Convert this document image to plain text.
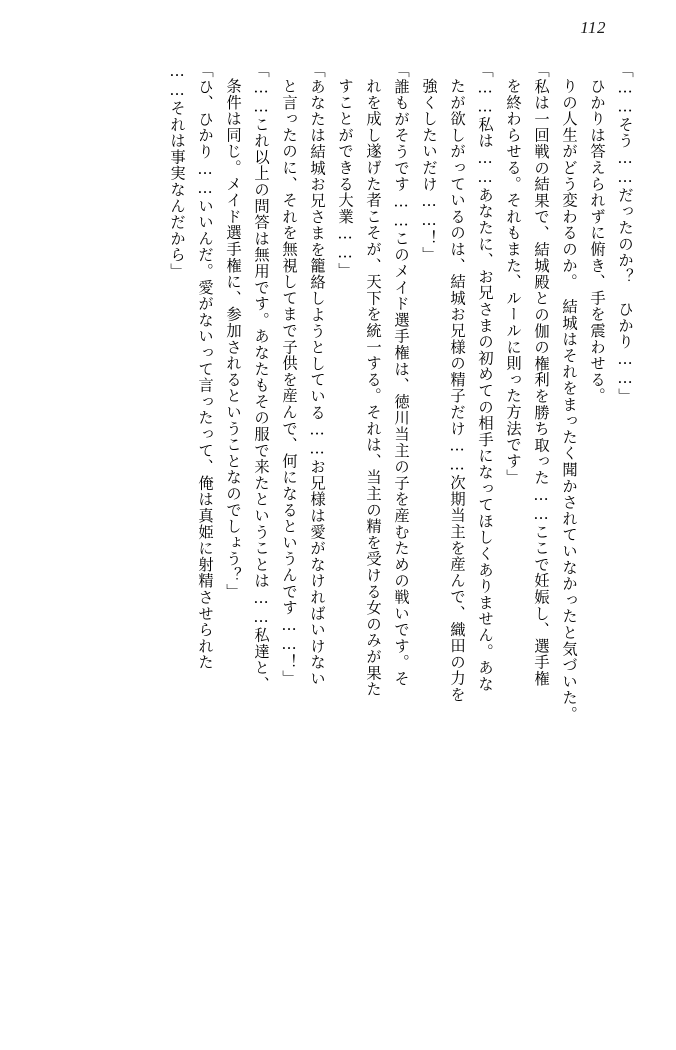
112
「……そう……だったのか？　ひかり……」
ひかりは答えられずに俯き、手を震わせる。
りの人生がどう変わるのか。　結城はそれをまったく聞かされていなかったと気づいた。
「私は一回戦の結果で、結城殿との伽の権利を勝ち取った……ここで妊娠し、選手権
を終わらせる。それもまた、ルールに則った方法です」
「……私は……あなたに、お兄さまの初めての相手になってほしくありません。あな
たが欲しがっているのは、結城お兄様の精子だけ……次期当主を産んで、織田の力を
強くしたいだけ……！」
「誰もがそうです……このメイド選手権は、徳川当主の子を産むための戦いです。そ
れを成し遂げた者こそが、天下を統一する。それは、当主の精を受ける女のみが果た
すことができる大業……」
「あなたは結城お兄さまを籠絡しようとしている……お兄様は愛がなければいけない
と言ったのに、それを無視してまで子供を産んで、何になるというんです……！」
「……これ以上の問答は無用です。あなたもその服で来たということは……私達と、
条件は同じ。メイド選手権に、参加されるということなのでしょう？」
「ひ、ひかり……いいんだ。愛がないって言ったって、俺は真姫に射精させられた
……それは事実なんだから」
